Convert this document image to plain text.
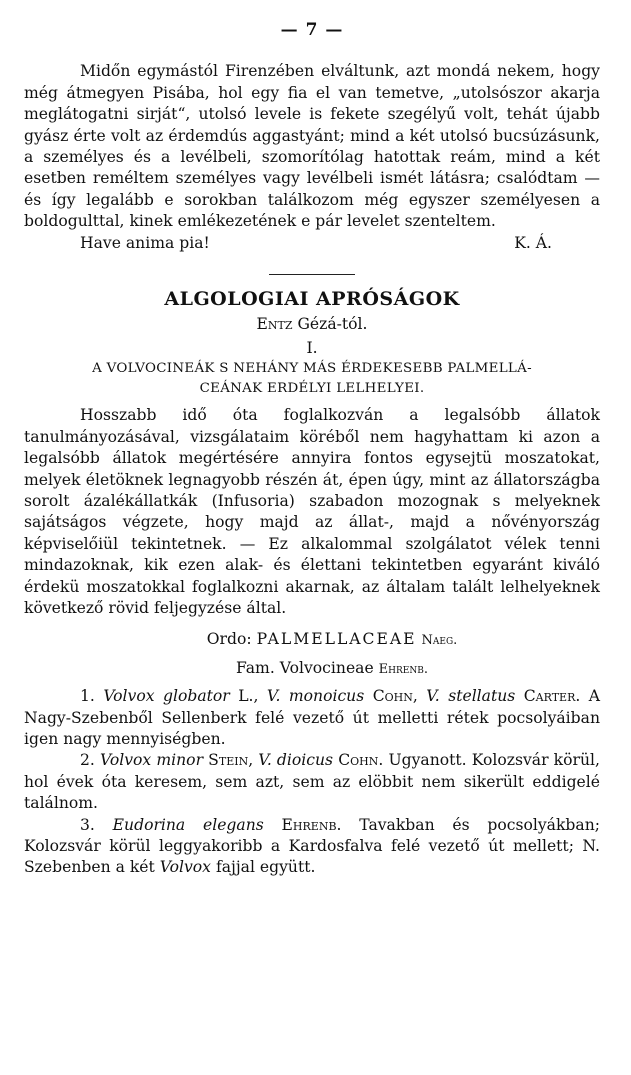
— 7 —

Midőn egymástól Firenzében elváltunk, azt mondá nekem, hogy még átmegyen Pisába, hol egy fia el van temetve, „utolsószor akarja meglátogatni sirját“, utolsó levele is fekete szegélyű volt, tehát újabb gyász érte volt az érdemdús aggastyánt; mind a két utolsó bucsúzásunk, a személyes és a levélbeli, szomorítólag hatottak reám, mind a két esetben reméltem személyes vagy levélbeli ismét látásra; csalódtam — és így legalább e sorokban találkozom még egyszer személyesen a boldogulttal, kinek emlékezetének e pár levelet szenteltem.

Have anima pia!	K. Á.
ALGOLOGIAI APRÓSÁGOK
Entz Gézá-tól.
I.
A VOLVOCINEÁK S NEHÁNY MÁS ÉRDEKESEBB PALMELLÁ-
CEÁNAK ERDÉLYI LELHELYEI.

Hosszabb idő óta foglalkozván a legalsóbb állatok tanulmányozásával, vizsgálataim köréből nem hagyhattam ki azon a legalsóbb állatok megértésére annyira fontos egysejtü moszatokat, melyek életöknek legnagyobb részén át, épen úgy, mint az állatországba sorolt ázalékállatkák (Infusoria) szabadon mozognak s melyeknek sajátságos végzete, hogy majd az állat-, majd a nővényország képviselőiül tekintetnek. — Ez alkalommal szolgálatot vélek tenni mindazoknak, kik ezen alak- és élettani tekintetben egyaránt kiváló érdekü moszatokkal foglalkozni akarnak, az általam talált lelhelyeknek következő rövid feljegyzése által.

Ordo: PALMELLACEAE Naeg.
Fam. Volvocineae Ehrenb.

1. Volvox globator L., V. monoicus Cohn, V. stellatus Carter. A Nagy-Szebenből Sellenberk felé vezető út melletti rétek pocsolyáiban igen nagy mennyiségben.

2. Volvox minor Stein, V. dioicus Cohn. Ugyanott. Kolozsvár körül, hol évek óta keresem, sem azt, sem az elöbbit nem sikerült eddigelé találnom.

3. Eudorina elegans Ehrenb. Tavakban és pocsolyákban; Kolozsvár körül leggyakoribb a Kardosfalva felé vezető út mellett; N. Szebenben a két Volvox fajjal együtt.
